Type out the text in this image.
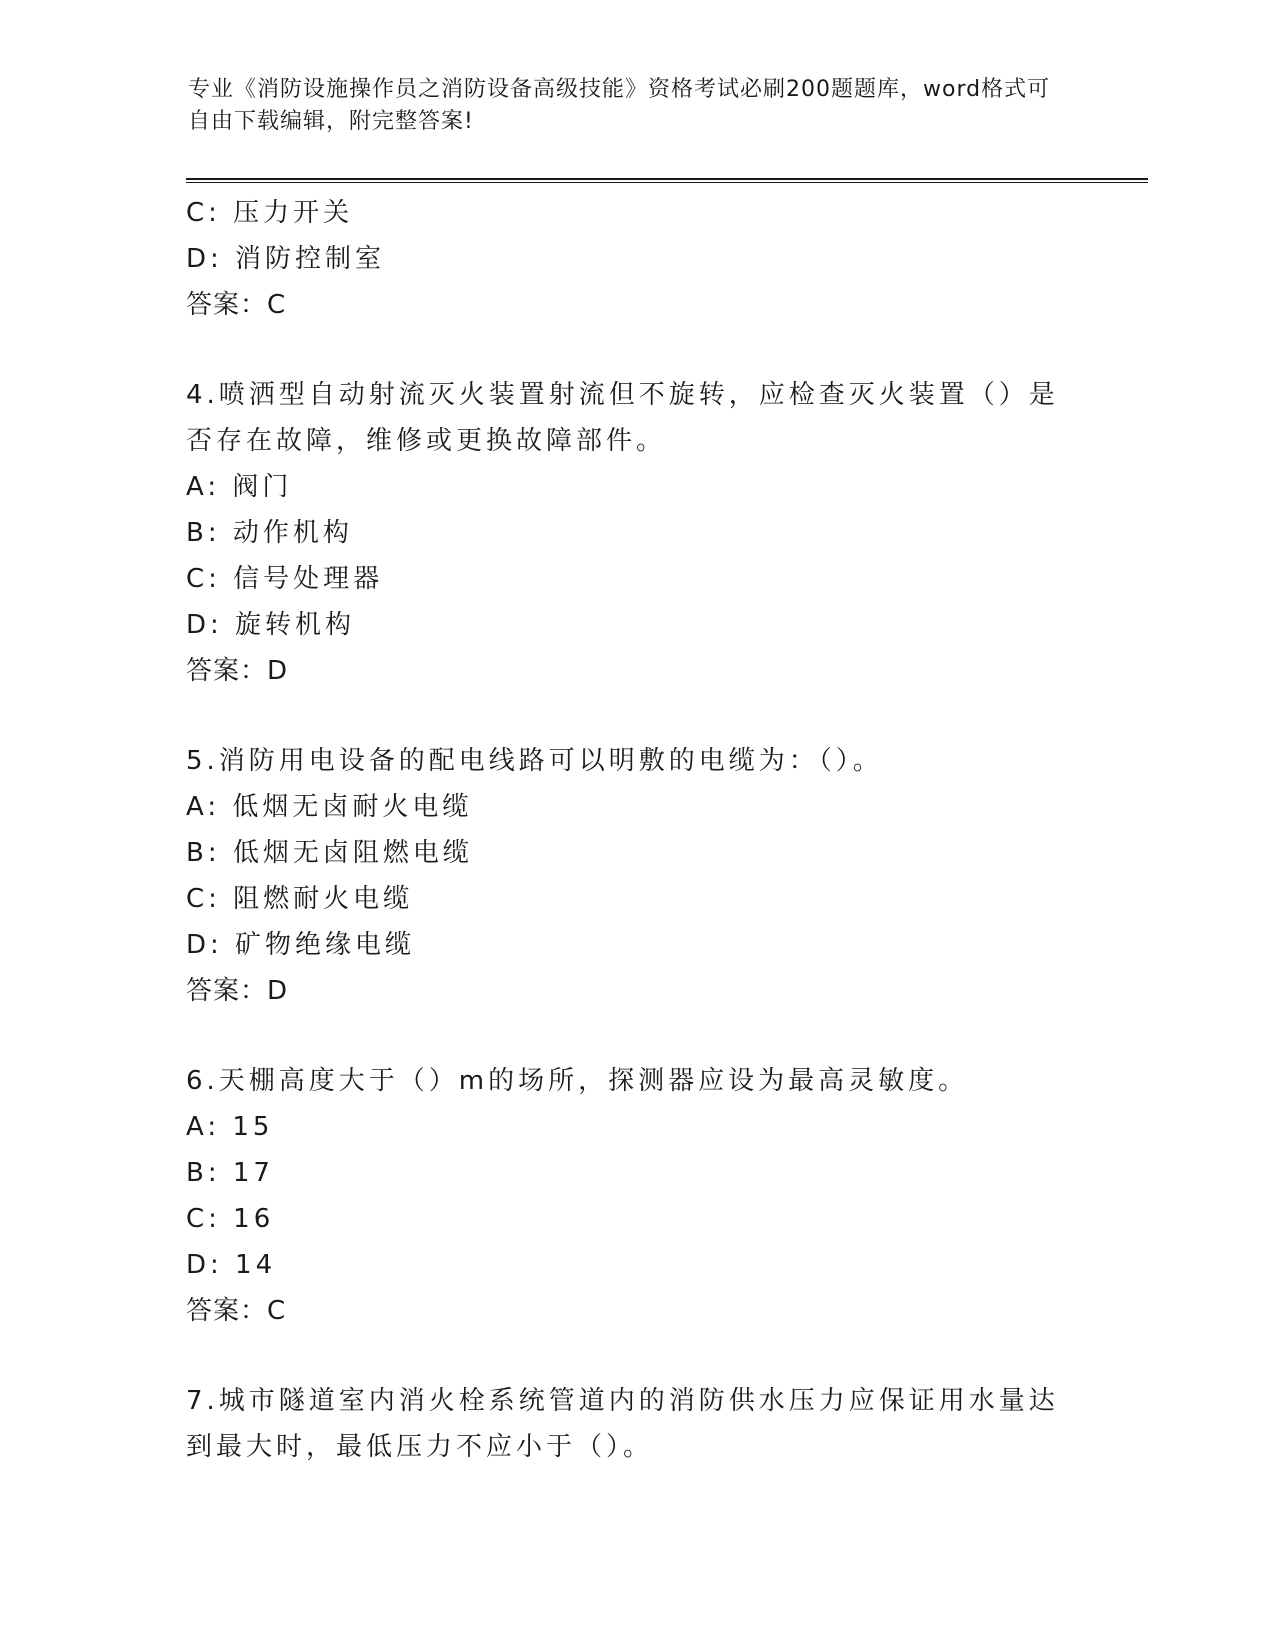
专业《消防设施操作员之消防设备高级技能》资格考试必刷200题题库，word格式可自由下载编辑，附完整答案!

C: 压力开关
D: 消防控制室
答案：C
4.喷洒型自动射流灭火装置射流但不旋转，应检查灭火装置（）是否存在故障，维修或更换故障部件。
A: 阀门
B: 动作机构
C: 信号处理器
D: 旋转机构
答案：D
5.消防用电设备的配电线路可以明敷的电缆为：（）。
A: 低烟无卤耐火电缆
B: 低烟无卤阻燃电缆
C: 阻燃耐火电缆
D: 矿物绝缘电缆
答案：D
6.天棚高度大于（）m的场所，探测器应设为最高灵敏度。
A: 15
B: 17
C: 16
D: 14
答案：C
7.城市隧道室内消火栓系统管道内的消防供水压力应保证用水量达到最大时，最低压力不应小于（）。
